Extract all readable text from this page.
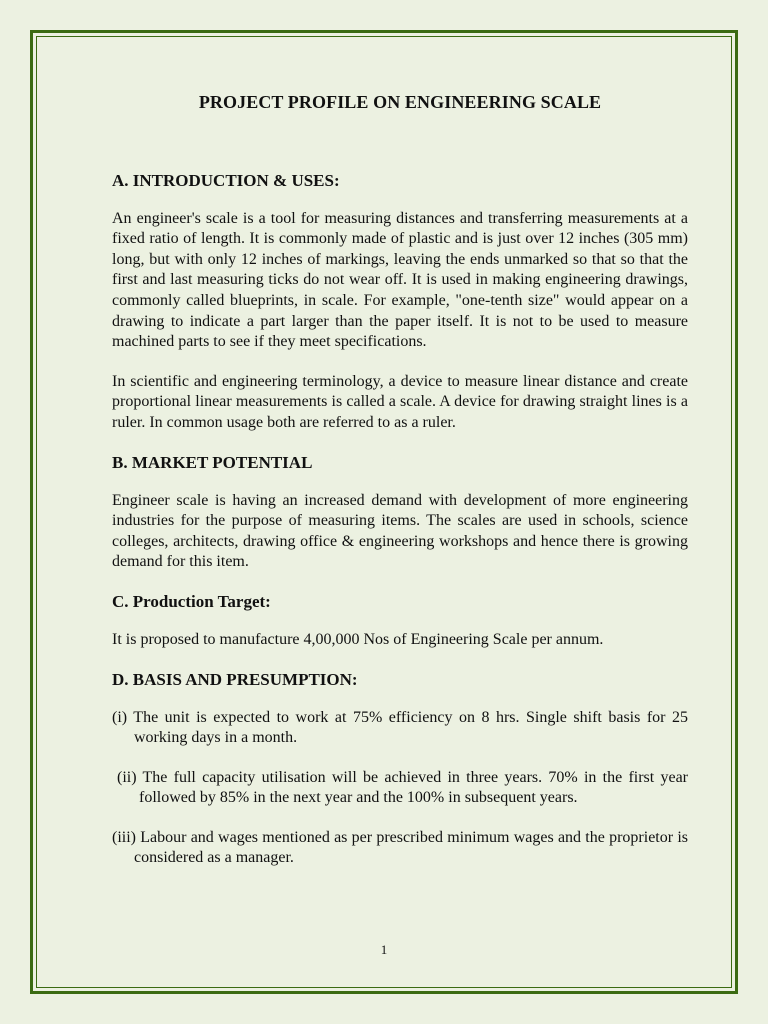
PROJECT PROFILE ON ENGINEERING SCALE
A. INTRODUCTION & USES:

An engineer's scale is a tool for measuring distances and transferring measurements at a fixed ratio of length. It is commonly made of plastic and is just over 12 inches (305 mm) long, but with only 12 inches of markings, leaving the ends unmarked so that so that the first and last measuring ticks do not wear off. It is used in making engineering drawings, commonly called blueprints, in scale. For example, "one-tenth size" would appear on a drawing to indicate a part larger than the paper itself. It is not to be used to measure machined parts to see if they meet specifications.

In scientific and engineering terminology, a device to measure linear distance and create proportional linear measurements is called a scale. A device for drawing straight lines is a ruler. In common usage both are referred to as a ruler.

B. MARKET POTENTIAL

Engineer scale is having an increased demand with development of more engineering industries for the purpose of measuring items. The scales are used in schools, science colleges, architects, drawing office & engineering workshops and hence there is growing demand for this item.

C. Production Target:

It is proposed to manufacture 4,00,000 Nos of Engineering Scale per annum.

D. BASIS AND PRESUMPTION:
(i) The unit is expected to work at 75% efficiency on 8 hrs. Single shift basis for 25 working days in a month.
(ii) The full capacity utilisation will be achieved in three years. 70% in the first year followed by 85% in the next year and the 100% in subsequent years.
(iii) Labour and wages mentioned as per prescribed minimum wages and the proprietor is considered as a manager.
1
